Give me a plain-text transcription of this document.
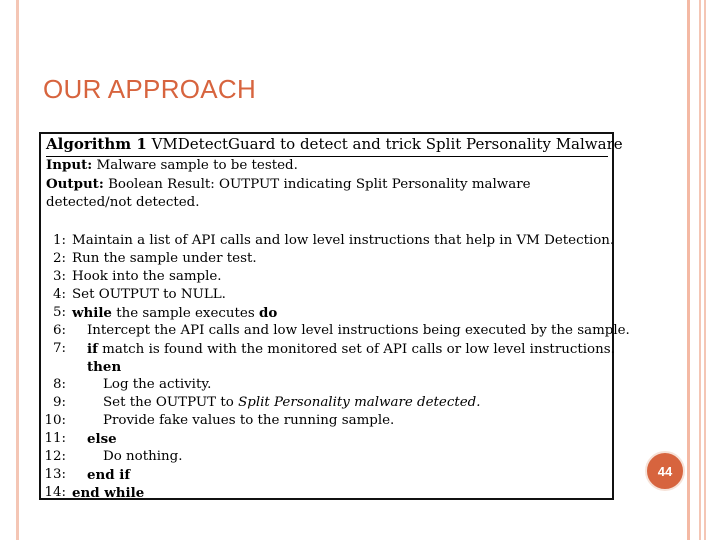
OUR APPROACH
Algorithm 1 VMDetectGuard to detect and trick Split Personality Malware
Input: Malware sample to be tested.
Output: Boolean Result: OUTPUT indicating Split Personality malware detected/not detected.
1: Maintain a list of API calls and low level instructions that help in VM Detection.
2: Run the sample under test.
3: Hook into the sample.
4: Set OUTPUT to NULL.
5: while the sample executes do
6: Intercept the API calls and low level instructions being executed by the sample.
7: if match is found with the monitored set of API calls or low level instructions.
then
8:	Log the activity.
9:	Set the OUTPUT to Split Personality malware detected.
10:	Provide fake values to the running sample.
11: else
12:	Do nothing.
13: end if
14: end while
44
